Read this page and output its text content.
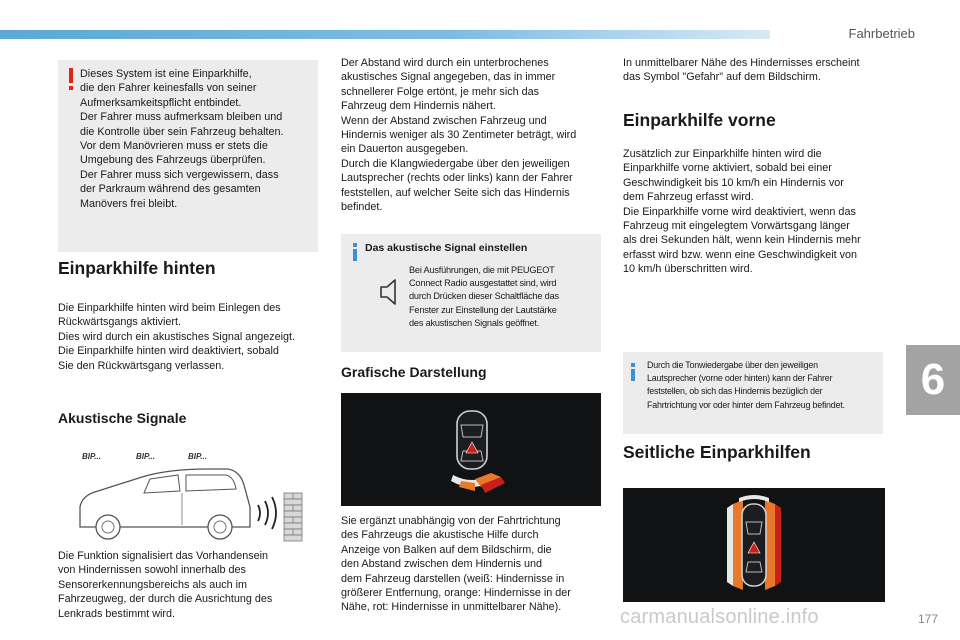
Fahrbetrieb
Dieses System ist eine Einparkhilfe,
die den Fahrer keinesfalls von seiner
Aufmerksamkeitspflicht entbindet.
Der Fahrer muss aufmerksam bleiben und
die Kontrolle über sein Fahrzeug behalten.
Vor dem Manövrieren muss er stets die
Umgebung des Fahrzeugs überprüfen.
Der Fahrer muss sich vergewissern, dass
der Parkraum während des gesamten
Manövers frei bleibt.
Einparkhilfe hinten
Die Einparkhilfe hinten wird beim Einlegen des
Rückwärtsgangs aktiviert.
Dies wird durch ein akustisches Signal angezeigt.
Die Einparkhilfe hinten wird deaktiviert, sobald
Sie den Rückwärtsgang verlassen.
Akustische Signale
BIP...	BIP...	BIP...
Die Funktion signalisiert das Vorhandensein
von Hindernissen sowohl innerhalb des
Sensorerkennungsbereichs als auch im
Fahrzeugweg, der durch die Ausrichtung des
Lenkrads bestimmt wird.
Der Abstand wird durch ein unterbrochenes
akustisches Signal angegeben, das in immer
schnellerer Folge ertönt, je mehr sich das
Fahrzeug dem Hindernis nähert.
Wenn der Abstand zwischen Fahrzeug und
Hindernis weniger als 30 Zentimeter beträgt, wird
ein Dauerton ausgegeben.
Durch die Klangwiedergabe über den jeweiligen
Lautsprecher (rechts oder links) kann der Fahrer
feststellen, auf welcher Seite sich das Hindernis
befindet.
Das akustische Signal einstellen
Bei Ausführungen, die mit PEUGEOT
Connect Radio ausgestattet sind, wird
durch Drücken dieser Schaltfläche das
Fenster zur Einstellung der Lautstärke
des akustischen Signals geöffnet.
Grafische Darstellung
Sie ergänzt unabhängig von der Fahrtrichtung
des Fahrzeugs die akustische Hilfe durch
Anzeige von Balken auf dem Bildschirm, die
den Abstand zwischen dem Hindernis und
dem Fahrzeug darstellen (weiß: Hindernisse in
größerer Entfernung, orange: Hindernisse in der
Nähe, rot: Hindernisse in unmittelbarer Nähe).
In unmittelbarer Nähe des Hindernisses erscheint
das Symbol "Gefahr" auf dem Bildschirm.
Einparkhilfe vorne
Zusätzlich zur Einparkhilfe hinten wird die
Einparkhilfe vorne aktiviert, sobald bei einer
Geschwindigkeit bis 10 km/h ein Hindernis vor
dem Fahrzeug erfasst wird.
Die Einparkhilfe vorne wird deaktiviert, wenn das
Fahrzeug mit eingelegtem Vorwärtsgang länger
als drei Sekunden hält, wenn kein Hindernis mehr
erfasst wird bzw. wenn eine Geschwindigkeit von
10 km/h überschritten wird.
Durch die Tonwiedergabe über den jeweiligen
Lautsprecher (vorne oder hinten) kann der Fahrer
feststellen, ob sich das Hindernis bezüglich der
Fahrtrichtung vor oder hinter dem Fahrzeug befindet.
Seitliche Einparkhilfen
6
carmanualsonline.info	177
